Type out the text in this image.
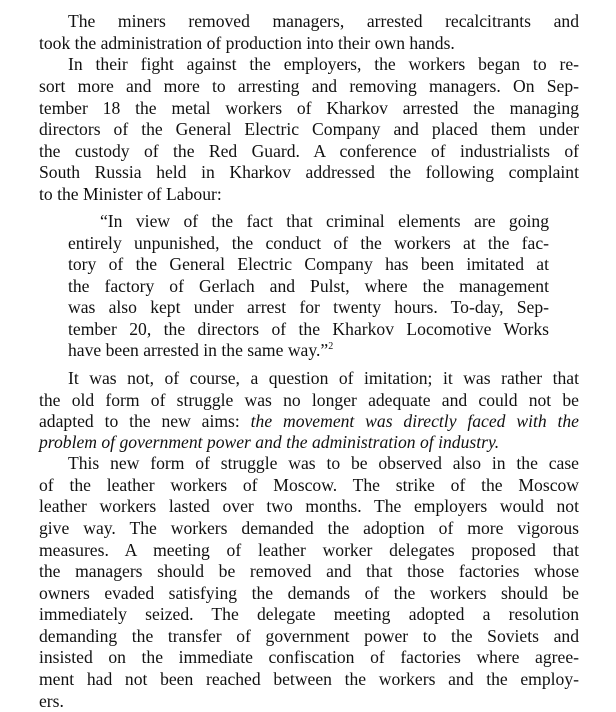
The miners removed managers, arrested recalcitrants and
took the administration of production into their own hands.
In their fight against the employers, the workers began to re-
sort more and more to arresting and removing managers. On Sep-
tember 18 the metal workers of Kharkov arrested the managing
directors of the General Electric Company and placed them under
the custody of the Red Guard. A conference of industrialists of
South Russia held in Kharkov addressed the following complaint
to the Minister of Labour:
“In view of the fact that criminal elements are going
entirely unpunished, the conduct of the workers at the fac-
tory of the General Electric Company has been imitated at
the factory of Gerlach and Pulst, where the management
was also kept under arrest for twenty hours. To-day, Sep-
tember 20, the directors of the Kharkov Locomotive Works
have been arrested in the same way.”$^2$
It was not, of course, a question of imitation; it was rather that
the old form of struggle was no longer adequate and could not be
adapted to the new aims: the movement was directly faced with the
problem of government power and the administration of industry.
This new form of struggle was to be observed also in the case
of the leather workers of Moscow. The strike of the Moscow
leather workers lasted over two months. The employers would not
give way. The workers demanded the adoption of more vigorous
measures. A meeting of leather worker delegates proposed that
the managers should be removed and that those factories whose
owners evaded satisfying the demands of the workers should be
immediately seized. The delegate meeting adopted a resolution
demanding the transfer of government power to the Soviets and
insisted on the immediate confiscation of factories where agree-
ment had not been reached between the workers and the employ-
ers.
